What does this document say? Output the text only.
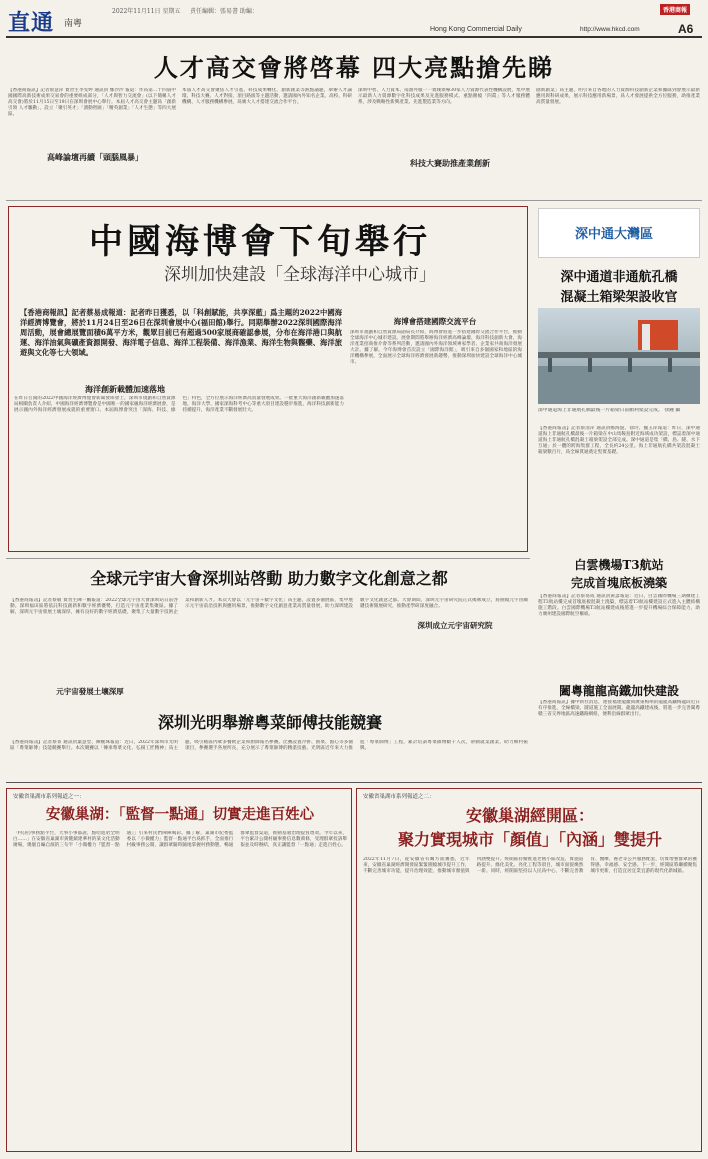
直通 南粵
2022年11月11日 星期五 責任編輯：張易書 助編：	香港商報
Hong Kong Commercial Daily	http://www.hkcd.com	A6
人才高交會將啓幕 四大亮點搶先睇
【香港商報訊】記者蔡慧萍 實習生李雯婷 通訊員 鄭沙沙 報道：作爲第二十四屆中國國際高新技術成果交易會的重要組成部分，「人才與智力交流會」(以下簡稱人才高交會)將於11月15日至19日在深圳會展中心舉行。本屆人才高交會主題爲「創新引領 人才驅動」，設立「聚引英才」「湧動智匯」「精英創業」「人才生態」等四大展區。
高峰論壇再續「頭腦風暴」
本屆人才高交會聚焦人才引進、科技成果轉化、創新創業等熱點議題，舉辦人才論壇、科技大賽、人才對接、項目路演等主題活動，邀請國內外知名企業、高校、科研機構、人才服務機構參展，爲廣大人才搭建交流合作平台。
深圳中智、人力資本、南油外服一一實踐領導30家人力資源代表性機構設展，集中展示最新人力資源數字化科技成果及先進服務模式。重點圍繞「四眞」等人才服務體系，涉及戰略性新興產業、先進製造業等方向。
科技大賽助推產業創新
創新創業」爲主題，明引來自各地的人力資源科技創新企業和團隊到會展示最新應用與科研成果，展示科技應用新場景，爲人才發展提供全方位服務，助推產業高質量發展。
中國海博會下旬舉行
深圳加快建設「全球海洋中心城市」
【香港商報訊】記者蔡易成報道：記者昨日獲悉，以「科創賦能，共享深藍」爲主題的2022中國海洋經濟博覽會，將於11月24日至26日在深圳會展中心(福田館)舉行。同期舉辦2022深圳國際海洋周活動，展會總展覽面積6萬平方米，觀眾目前已有超過500家展商確認參展，分布在海洋港口與航運、海洋油氣與礦產資源開發、海洋電子信息、海洋工程裝備、海洋漁業、海洋生物與醫藥、海洋旅遊與文化等七大領域。
海洋創新載體加速落地
在昨日召開的2022中國海洋經濟博覽會新聞發佈會上，深圳市規劃和自然資源局相關負責人介紹，中國海洋經濟博覽會是中國唯一的國家級海洋經濟展會，是展示國內外海洋經濟發展成就的重要窗口。本屆海博會突出「深海、科技、綠色」特色，全方位展示海洋經濟高質量發展成果。一批重大海洋創新載體加速落地，海洋大學、國家深海科考中心等重大項目建設穩步推進，海洋科技創新能力持續提升，海洋產業不斷發展壯大。
海博會搭建國際交流平台
深圳市規劃和自然資源局副局長介紹，海博會將進一步搭建國際交流合作平台，推動全球海洋中心城市建設。展會期間將舉辦海洋經濟高峰論壇、海洋科技創新大會、海洋產業招商推介會等系列活動，邀請國內外海洋領域專家學者、企業家共商海洋發展大計。據了解，今年海博會首次設立「國際海洋館」，吸引來自多個國家和地區的海洋機構參展，全面展示全球海洋經濟發展新趨勢，推動深圳加快建設全球海洋中心城市。
深中通大灣區
深中通道非通航孔橋
混凝土箱梁架設收官
深中通道海上非通航孔橋最後一片箱梁日前順利架設完成。 徐鍾 攝
【香港商報訊】記者蔡清萍 通訊員鄭海旋、徐玲、魏玉萍報道：昨日，深中通道海上非通航孔橋最後一片箱梁在中山馬鞍島附近海域成功架設，標誌着深中通道海上非通航孔橋混凝土箱梁架設全部完成。深中通道是集「橋、島、隧、水下互通」於一體的跨海集群工程，全長約24公里。海上非通航孔橋共架設混凝土箱梁數百片，爲全線貫通奠定堅實基礎。
全球元宇宙大會深圳站啓動 助力數字文化創意之都
【香港商報訊】記者蔡敏 實習生陳一鵬報道：2022全球元宇宙大會深圳站日前啓動。深圳福田區將依託科技創新和數字經濟優勢，打造元宇宙產業集聚區。據了解，深圳元宇宙發展土壤深厚，擁有良好的數字經濟基礎，聚集了大量數字技術企業和創新人才。本次大會以「元宇宙＋數字文化」爲主題，設置多個展區，集中展示元宇宙前沿技術與應用場景，推動數字文化創意產業高質量發展，助力深圳建設數字文化創意之都。大會期間，深圳元宇宙研究院正式揭牌成立，將圍繞元宇宙關鍵技術開展研究，推動產學研深度融合。
元宇宙發展土壤深厚
深圳成立元宇宙研究院
白雲機場T3航站
完成首塊底板澆築
【香港商報訊】記者蔡易成 通訊員黃彥報道：近日，白雲國際機場三期擴建工程T3航站樓完成首塊底板混凝土澆築，標誌着T3航站樓建設正式進入主體結構施工階段。白雲國際機場T3航站樓建成後將進一步提升機場綜合保障能力，助力廣州建設國際航空樞紐。
闔粵龍龍高鐵加快建設
【香港商報訊】據中新社消息，連接福建龍巖與廣東梅州的龍龍高鐵梅龍段近日有序推進，全線橋梁、隧道施工全面展開。龍龍高鐵建成後，將進一步完善閩粵贛三省交界地區高速鐵路網絡，便利沿線群眾出行。
深圳光明舉辦粵菜師傅技能競賽
【香港商報訊】記者蔡菁 通訊員葉慧瑩、陳婉珠報道：近日，2022年深圳市光明區「粵菜師傅」技能競賽舉行。本次競賽以「傳承粵菜文化、弘揚工匠精神」爲主題，吸引轄區內眾多餐飲企業和廚師報名參賽。比賽設置冷拼、熱菜、點心等多個項目，參賽選手各展所長，充分展示了粵菜師傅的精湛技藝。光明區近年來大力推進「粵菜師傅」工程，累計培訓粵菜師傅數千人次，帶動就業創業，助力鄉村振興。
安徽省巢湖市系列報道之一：
安徽巢湖：「監督一點通」切實走進百姓心
「村(居)事務點平台，大事小事都說，點哈進哈全明白……」在安徽省巢湖市黃麓鎮建華村的某文化活動廣場，幾個自編自演的三句半「小微權力『監督一點通』」引來村民們陣陣喝彩。據了解，巢湖市紀委監委以「小微權力」監督一點通平台爲抓手，全面推行村級事務公開，讓群眾隨時隨地掌握村務動態，暢通群眾監督渠道，推動基層治理提質增效。今年以來，平台累計公開村級事務信息數萬條，受理群眾投訴舉報並及時辦結，真正讓監督「一點通」走進百姓心。
安徽省巢湖市系列報道之二：
安徽巢湖經開區：
聚力實現城市「顏值」「內涵」雙提升
2022年11月7日，從安徽省有關方面獲悉，近年來，安徽省巢湖經濟開發區緊緊圍繞城市提升工作，不斷完善城市功能，提升治理效能，推動城市顏值與內涵雙提升。經開區持續推進老舊小區改造，實施道路提升、綠化美化、亮化工程等項目，城市面貌煥然一新。同時，經開區堅持以人民爲中心，不斷完善教育、醫療、養老等公共服務配套，切實增強群眾的獲得感、幸福感、安全感。下一步，經開區將繼續聚焦城市更新，打造宜居宜業宜游的現代化新城區。
